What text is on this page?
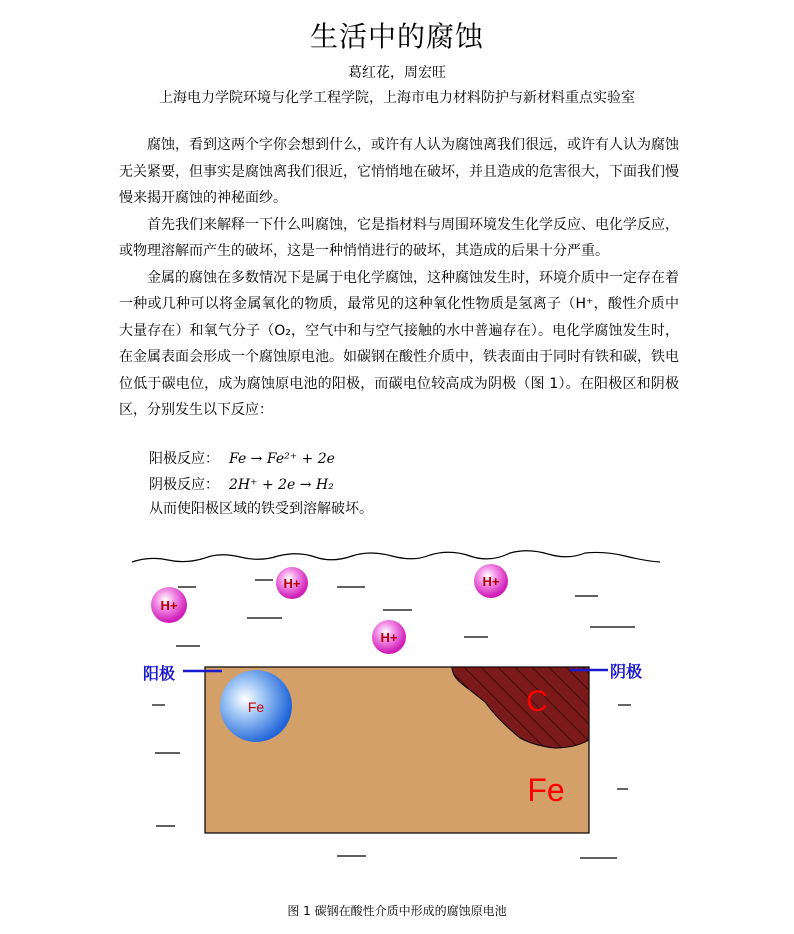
生活中的腐蚀
葛红花，周宏旺
上海电力学院环境与化学工程学院，上海市电力材料防护与新材料重点实验室

腐蚀，看到这两个字你会想到什么，或许有人认为腐蚀离我们很远，或许有人认为腐蚀无关紧要，但事实是腐蚀离我们很近，它悄悄地在破坏，并且造成的危害很大，下面我们慢慢来揭开腐蚀的神秘面纱。

首先我们来解释一下什么叫腐蚀，它是指材料与周围环境发生化学反应、电化学反应，或物理溶解而产生的破坏，这是一种悄悄进行的破坏，其造成的后果十分严重。

金属的腐蚀在多数情况下是属于电化学腐蚀，这种腐蚀发生时，环境介质中一定存在着一种或几种可以将金属氧化的物质，最常见的这种氧化性物质是氢离子（H⁺，酸性介质中大量存在）和氧气分子（O₂，空气中和与空气接触的水中普遍存在）。电化学腐蚀发生时，在金属表面会形成一个腐蚀原电池。如碳钢在酸性介质中，铁表面由于同时有铁和碳，铁电位低于碳电位，成为腐蚀原电池的阳极，而碳电位较高成为阴极（图 1）。在阳极区和阴极区，分别发生以下反应：

阳极反应： Fe → Fe²⁺ + 2e
阴极反应： 2H⁺ + 2e → H₂
从而使阳极区域的铁受到溶解破坏。
H+
H+	H+
H+
C
Fe
Fe
阳极	阴极
图 1 碳钢在酸性介质中形成的腐蚀原电池
